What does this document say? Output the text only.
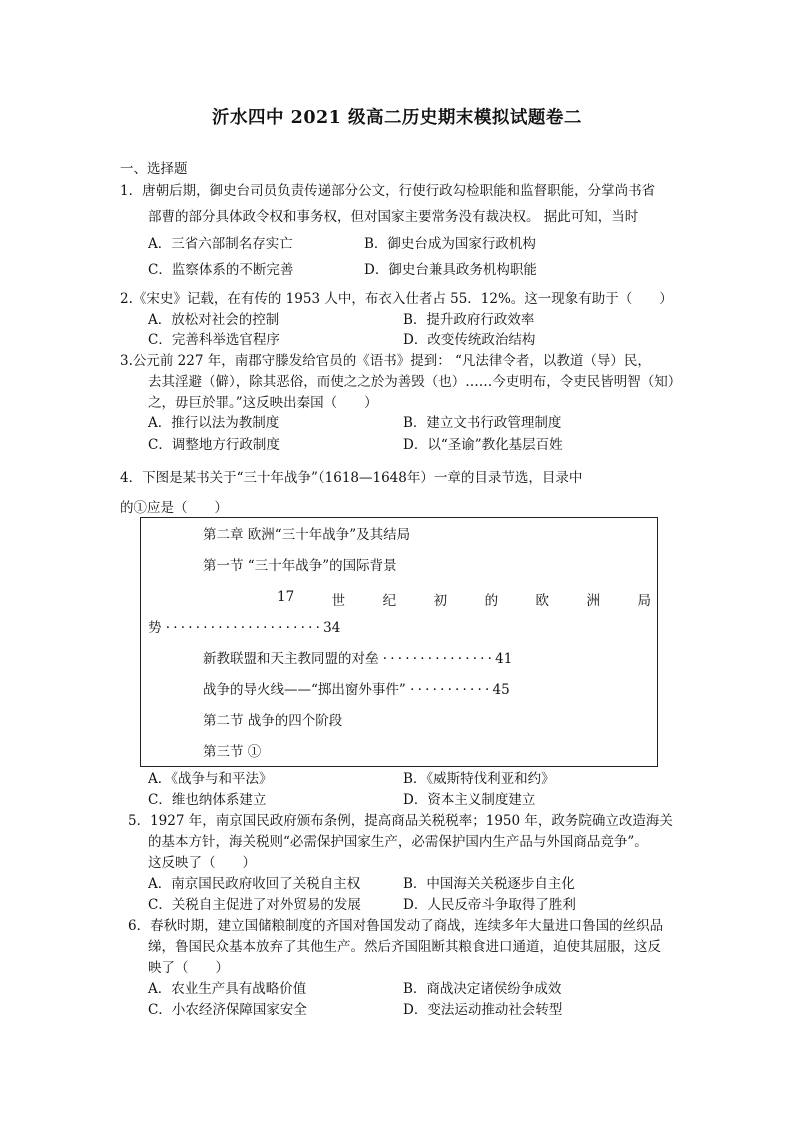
沂水四中 2021 级高二历史期末模拟试题卷二
一、选择题
1．唐朝后期，御史台司员负责传递部分公文，行使行政勾检职能和监督职能，分掌尚书省
部曹的部分具体政令权和事务权，但对国家主要常务没有裁决权。 据此可知，当时
A．三省六部制名存实亡	B．御史台成为国家行政机构
C．监察体系的不断完善	D．御史台兼具政务机构职能
2.《宋史》记载，在有传的 1953 人中，布衣入仕者占 55．12%。这一现象有助于（　　）
A．放松对社会的控制	B．提升政府行政效率
C．完善科举选官程序	D．改变传统政治结构
3.公元前 227 年，南郡守滕发给官员的《语书》提到： “凡法律令者，以教道（导）民，
去其淫避（僻），除其恶俗，而使之之於为善毁（也）……今吏明布，令吏民皆明智（知）
之，毋巨於罪。”这反映出秦国（　　）
A．推行以法为教制度	B．建立文书行政管理制度
C．调整地方行政制度	D．以“圣谕”教化基层百姓
4．下图是某书关于“三十年战争”（1618—1648年）一章的目录节选，目录中
的①应是（　　）
第二章 欧洲“三十年战争”及其结局
第一节 “三十年战争”的国际背景
17	世	纪	初	的	欧	洲	局
势 ·····················34
新教联盟和天主教同盟的对垒 ···············41
战争的导火线——“掷出窗外事件” ···········45
第二节 战争的四个阶段
第三节 ①
A．《战争与和平法》	B．《威斯特伐利亚和约》
C．维也纳体系建立	D．资本主义制度建立
5．1927 年，南京国民政府颁布条例，提高商品关税税率；1950 年，政务院确立改造海关
的基本方针，海关税则“必需保护国家生产，必需保护国内生产品与外国商品竞争”。
这反映了（　　）
A．南京国民政府收回了关税自主权	B．中国海关关税逐步自主化
C．关税自主促进了对外贸易的发展	D．人民反帝斗争取得了胜利
6．春秋时期，建立国储粮制度的齐国对鲁国发动了商战，连续多年大量进口鲁国的丝织品
绨，鲁国民众基本放弃了其他生产。然后齐国阻断其粮食进口通道，迫使其屈服，这反
映了（　　）
A．农业生产具有战略价值	B．商战决定诸侯纷争成效
C．小农经济保障国家安全	D．变法运动推动社会转型
